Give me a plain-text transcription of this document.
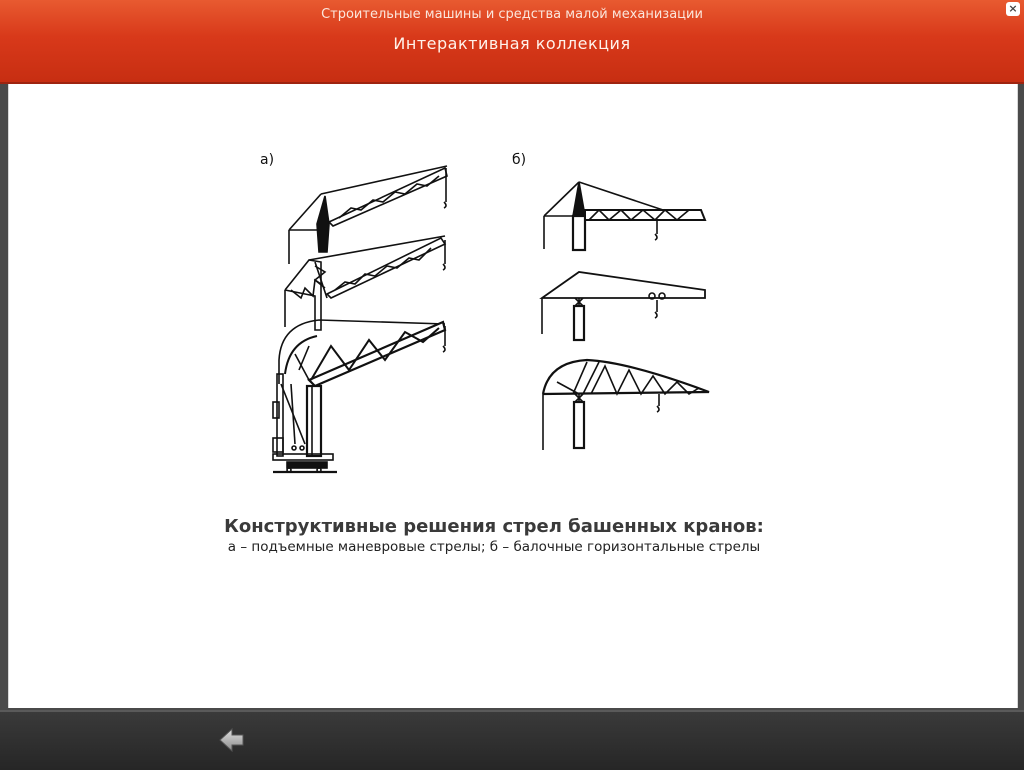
Строительные машины и средства малой механизации
Интерактивная коллекция
×
а)	б)
Конструктивные решения стрел башенных кранов:
а – подъемные маневровые стрелы; б – балочные горизонтальные стрелы
